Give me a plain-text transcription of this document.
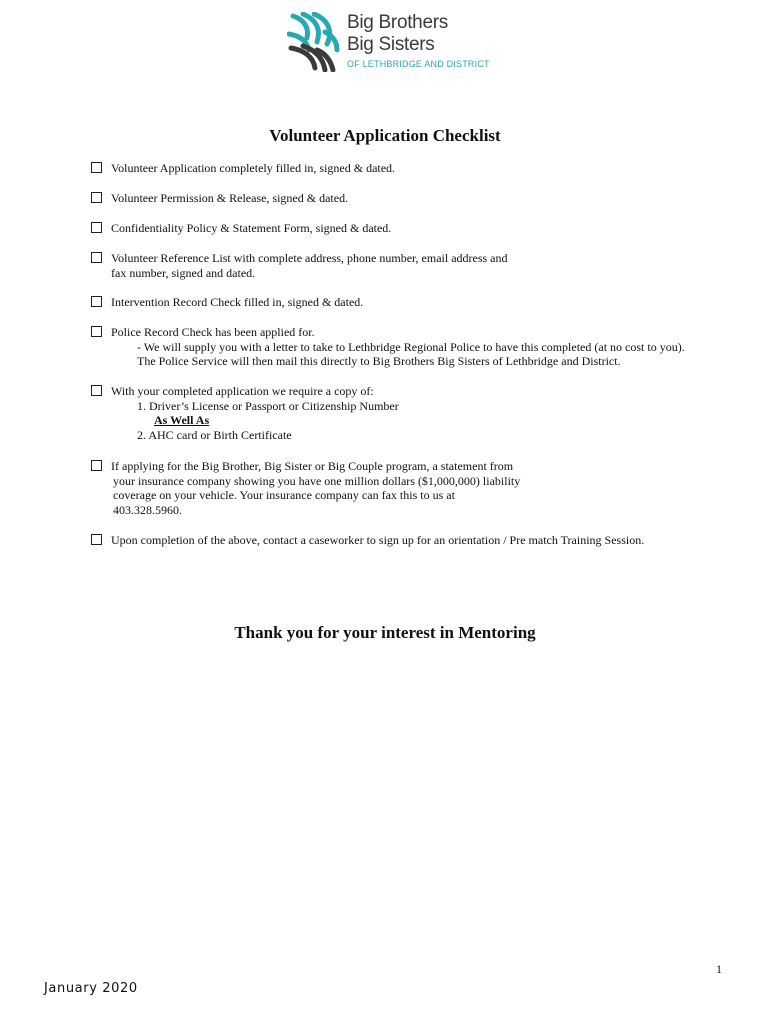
Big Brothers
Big Sisters
OF LETHBRIDGE AND DISTRICT
Volunteer Application Checklist
Volunteer Application completely filled in, signed & dated.
Volunteer Permission & Release, signed & dated.
Confidentiality Policy & Statement Form, signed & dated.
Volunteer Reference List with complete address, phone number, email address and
fax number, signed and dated.
Intervention Record Check filled in, signed & dated.
Police Record Check has been applied for.
- We will supply you with a letter to take to Lethbridge Regional Police to have this completed (at no cost to you).
The Police Service will then mail this directly to Big Brothers Big Sisters of Lethbridge and District.
With your completed application we require a copy of:
1. Driver’s License or Passport or Citizenship Number
As Well As
2. AHC card or Birth Certificate
If applying for the Big Brother, Big Sister or Big Couple program, a statement from
your insurance company showing you have one million dollars ($1,000,000) liability
coverage on your vehicle. Your insurance company can fax this to us at
403.328.5960.
Upon completion of the above, contact a caseworker to sign up for an orientation / Pre match Training Session.
Thank you for your interest in Mentoring
1
January 2020
